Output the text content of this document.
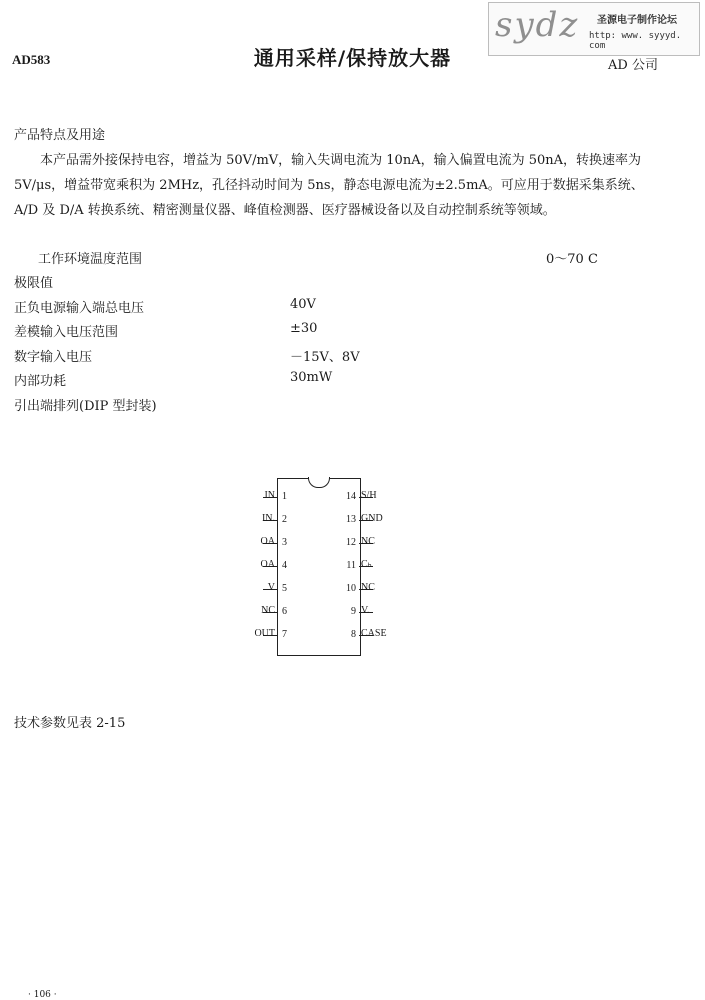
AD583	通用采样/保持放大器	AD 公司
sydz 圣源电子制作论坛
http: www. syyyd. com
产品特点及用途
本产品需外接保持电容，增益为 50V/mV，输入失调电流为 10nA，输入偏置电流为 50nA，转换速率为 5V/μs，增益带宽乘积为 2MHz，孔径抖动时间为 5ns，静态电源电流为±2.5mA。可应用于数据采集系统、A/D 及 D/A 转换系统、精密测量仪器、峰值检测器、医疗器械设备以及自动控制系统等领域。
工作环境温度范围	0～70 C
极限值
正负电源输入端总电压	40V
差模输入电压范围	±30
数字输入电压	－15V、8V
内部功耗	30mW
引出端排列(DIP 型封装)
1
2
3
4
5
6
7
14
13
12
11
10
9
8
IN
IN.
OA
OA
V
NC
OUT
S/H
GND
NC
Cₕ
NC
V.
CASE
技术参数见表 2-15
· 106 ·
